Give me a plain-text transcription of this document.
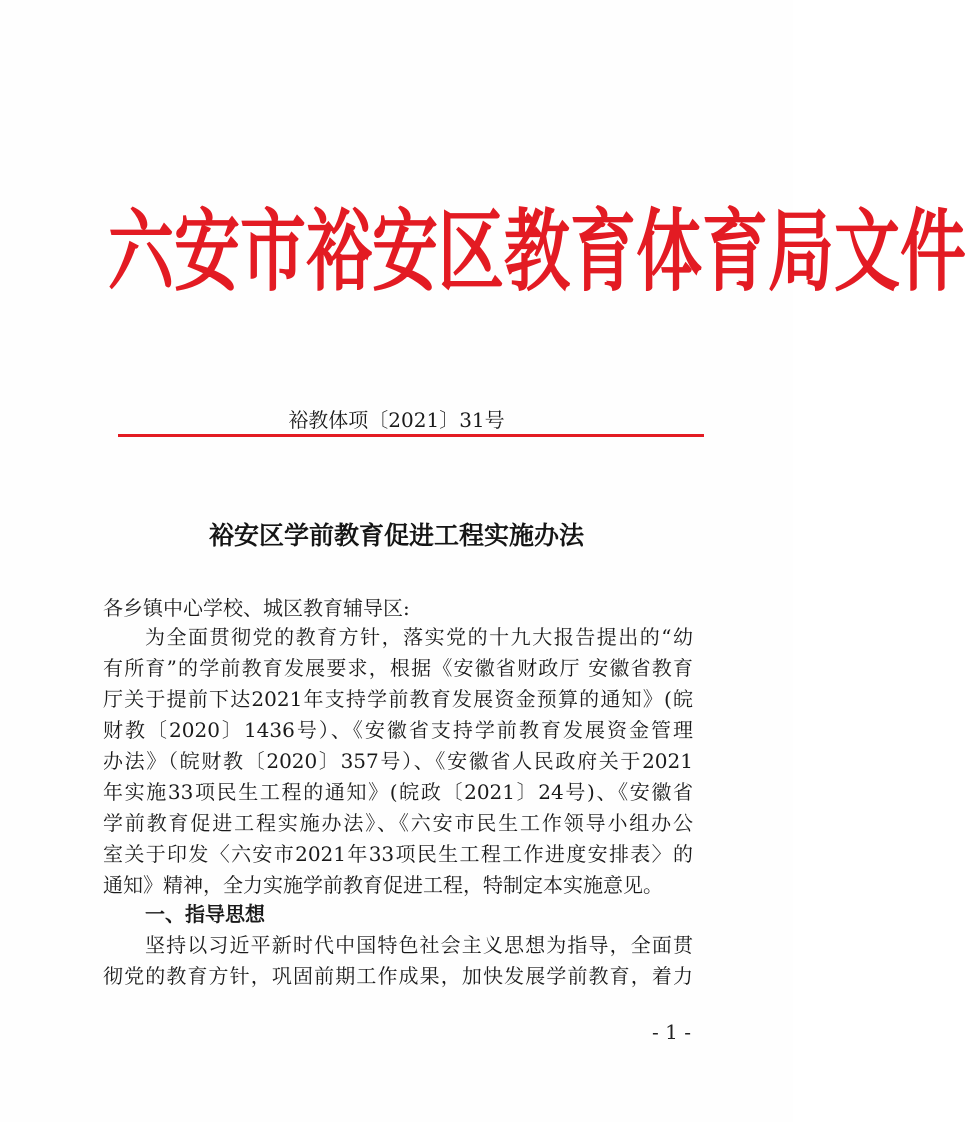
六安市裕安区教育体育局文件
裕教体项〔2021〕31号
裕安区学前教育促进工程实施办法
各乡镇中心学校、城区教育辅导区:
为全面贯彻党的教育方针，落实党的十九大报告提出的“幼
有所育”的学前教育发展要求，根据《安徽省财政厅 安徽省教育
厅关于提前下达2021年支持学前教育发展资金预算的通知》(皖
财教〔2020〕1436号）、《安徽省支持学前教育发展资金管理
办法》（皖财教〔2020〕357号）、《安徽省人民政府关于2021
年实施33项民生工程的通知》(皖政〔2021〕24号)、《安徽省
学前教育促进工程实施办法》、《六安市民生工作领导小组办公
室关于印发〈六安市2021年33项民生工程工作进度安排表〉的
通知》精神，全力实施学前教育促进工程，特制定本实施意见。
一、指导思想
坚持以习近平新时代中国特色社会主义思想为指导，全面贯
彻党的教育方针，巩固前期工作成果，加快发展学前教育，着力
- 1 -
